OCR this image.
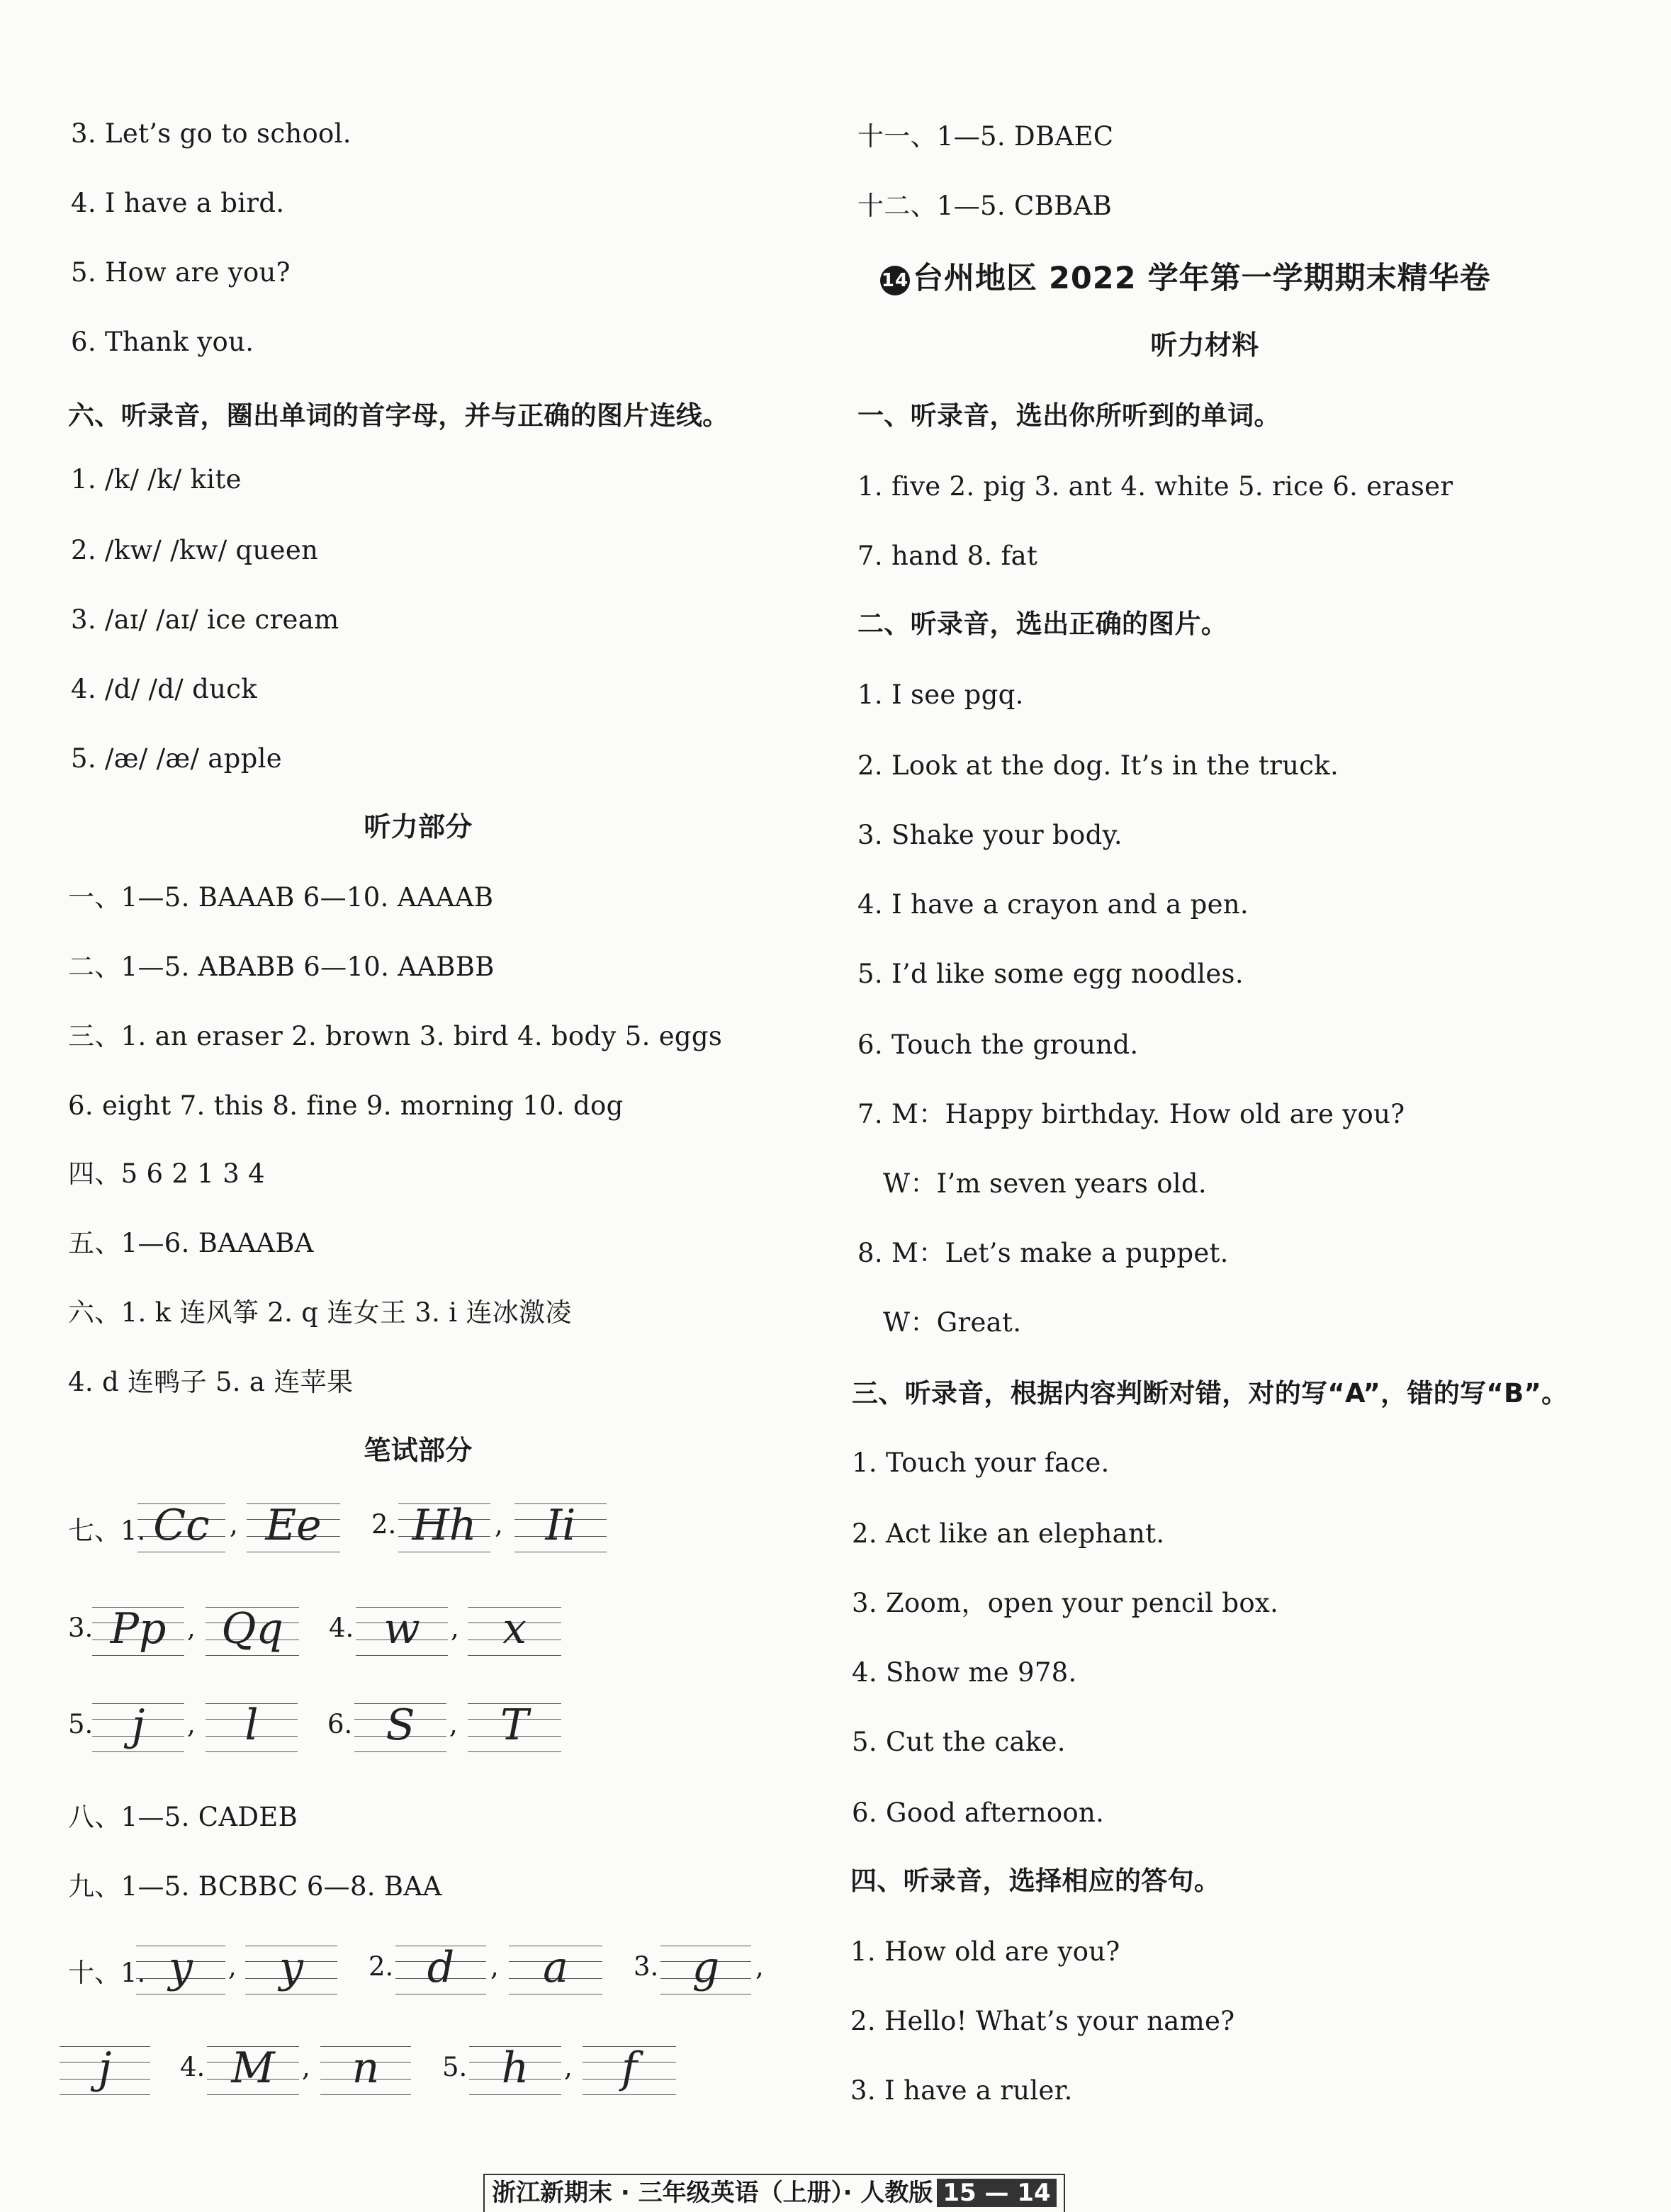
3. Let’s go to school.
4. I have a bird.
5. How are you?
6. Thank you.
六、听录音，圈出单词的首字母，并与正确的图片连线。
1. /k/ /k/ kite
2. /kw/ /kw/ queen
3. /aɪ/ /aɪ/ ice cream
4. /d/ /d/ duck
5. /æ/ /æ/ apple
听力部分
一、1—5. BAAAB 6—10. AAAAB
二、1—5. ABABB 6—10. AABBB
三、1. an eraser 2. brown 3. bird 4. body 5. eggs
6. eight 7. this 8. fine 9. morning 10. dog
四、5 6 2 1 3 4
五、1—6. BAAABA
六、1. k 连风筝 2. q 连女王 3. i 连冰激凌
4. d 连鸭子 5. a 连苹果
笔试部分
七、1. Cc , Ee	2. Hh , Ii
3. Pp , Qq	4. w	,	x
5. j	,	l	6. S	,	T
八、1—5. CADEB
九、1—5. BCBBC 6—8. BAA
十、1. y	,	y	2. d	,	a	3. g	,
j	4. M	, n	5. h	,	f
十一、1—5. DBAEC
十二、1—5. CBBAB
14 台州地区 2022 学年第一学期期末精华卷
听力材料
一、听录音，选出你所听到的单词。
1. five 2. pig 3. ant 4. white 5. rice 6. eraser
7. hand 8. fat
二、听录音，选出正确的图片。
1. I see pgq.
2. Look at the dog. It’s in the truck.
3. Shake your body.
4. I have a crayon and a pen.
5. I’d like some egg noodles.
6. Touch the ground.
7. M：Happy birthday. How old are you?
W：I’m seven years old.
8. M：Let’s make a puppet.
W：Great.
三、听录音，根据内容判断对错，对的写“A”，错的写“B”。
1. Touch your face.
2. Act like an elephant.
3. Zoom，open your pencil box.
4. Show me 978.
5. Cut the cake.
6. Good afternoon.
四、听录音，选择相应的答句。
1. How old are you?
2. Hello! What’s your name?
3. I have a ruler.
浙江新期末 · 三年级英语（上册）· 人教版 15 — 14
